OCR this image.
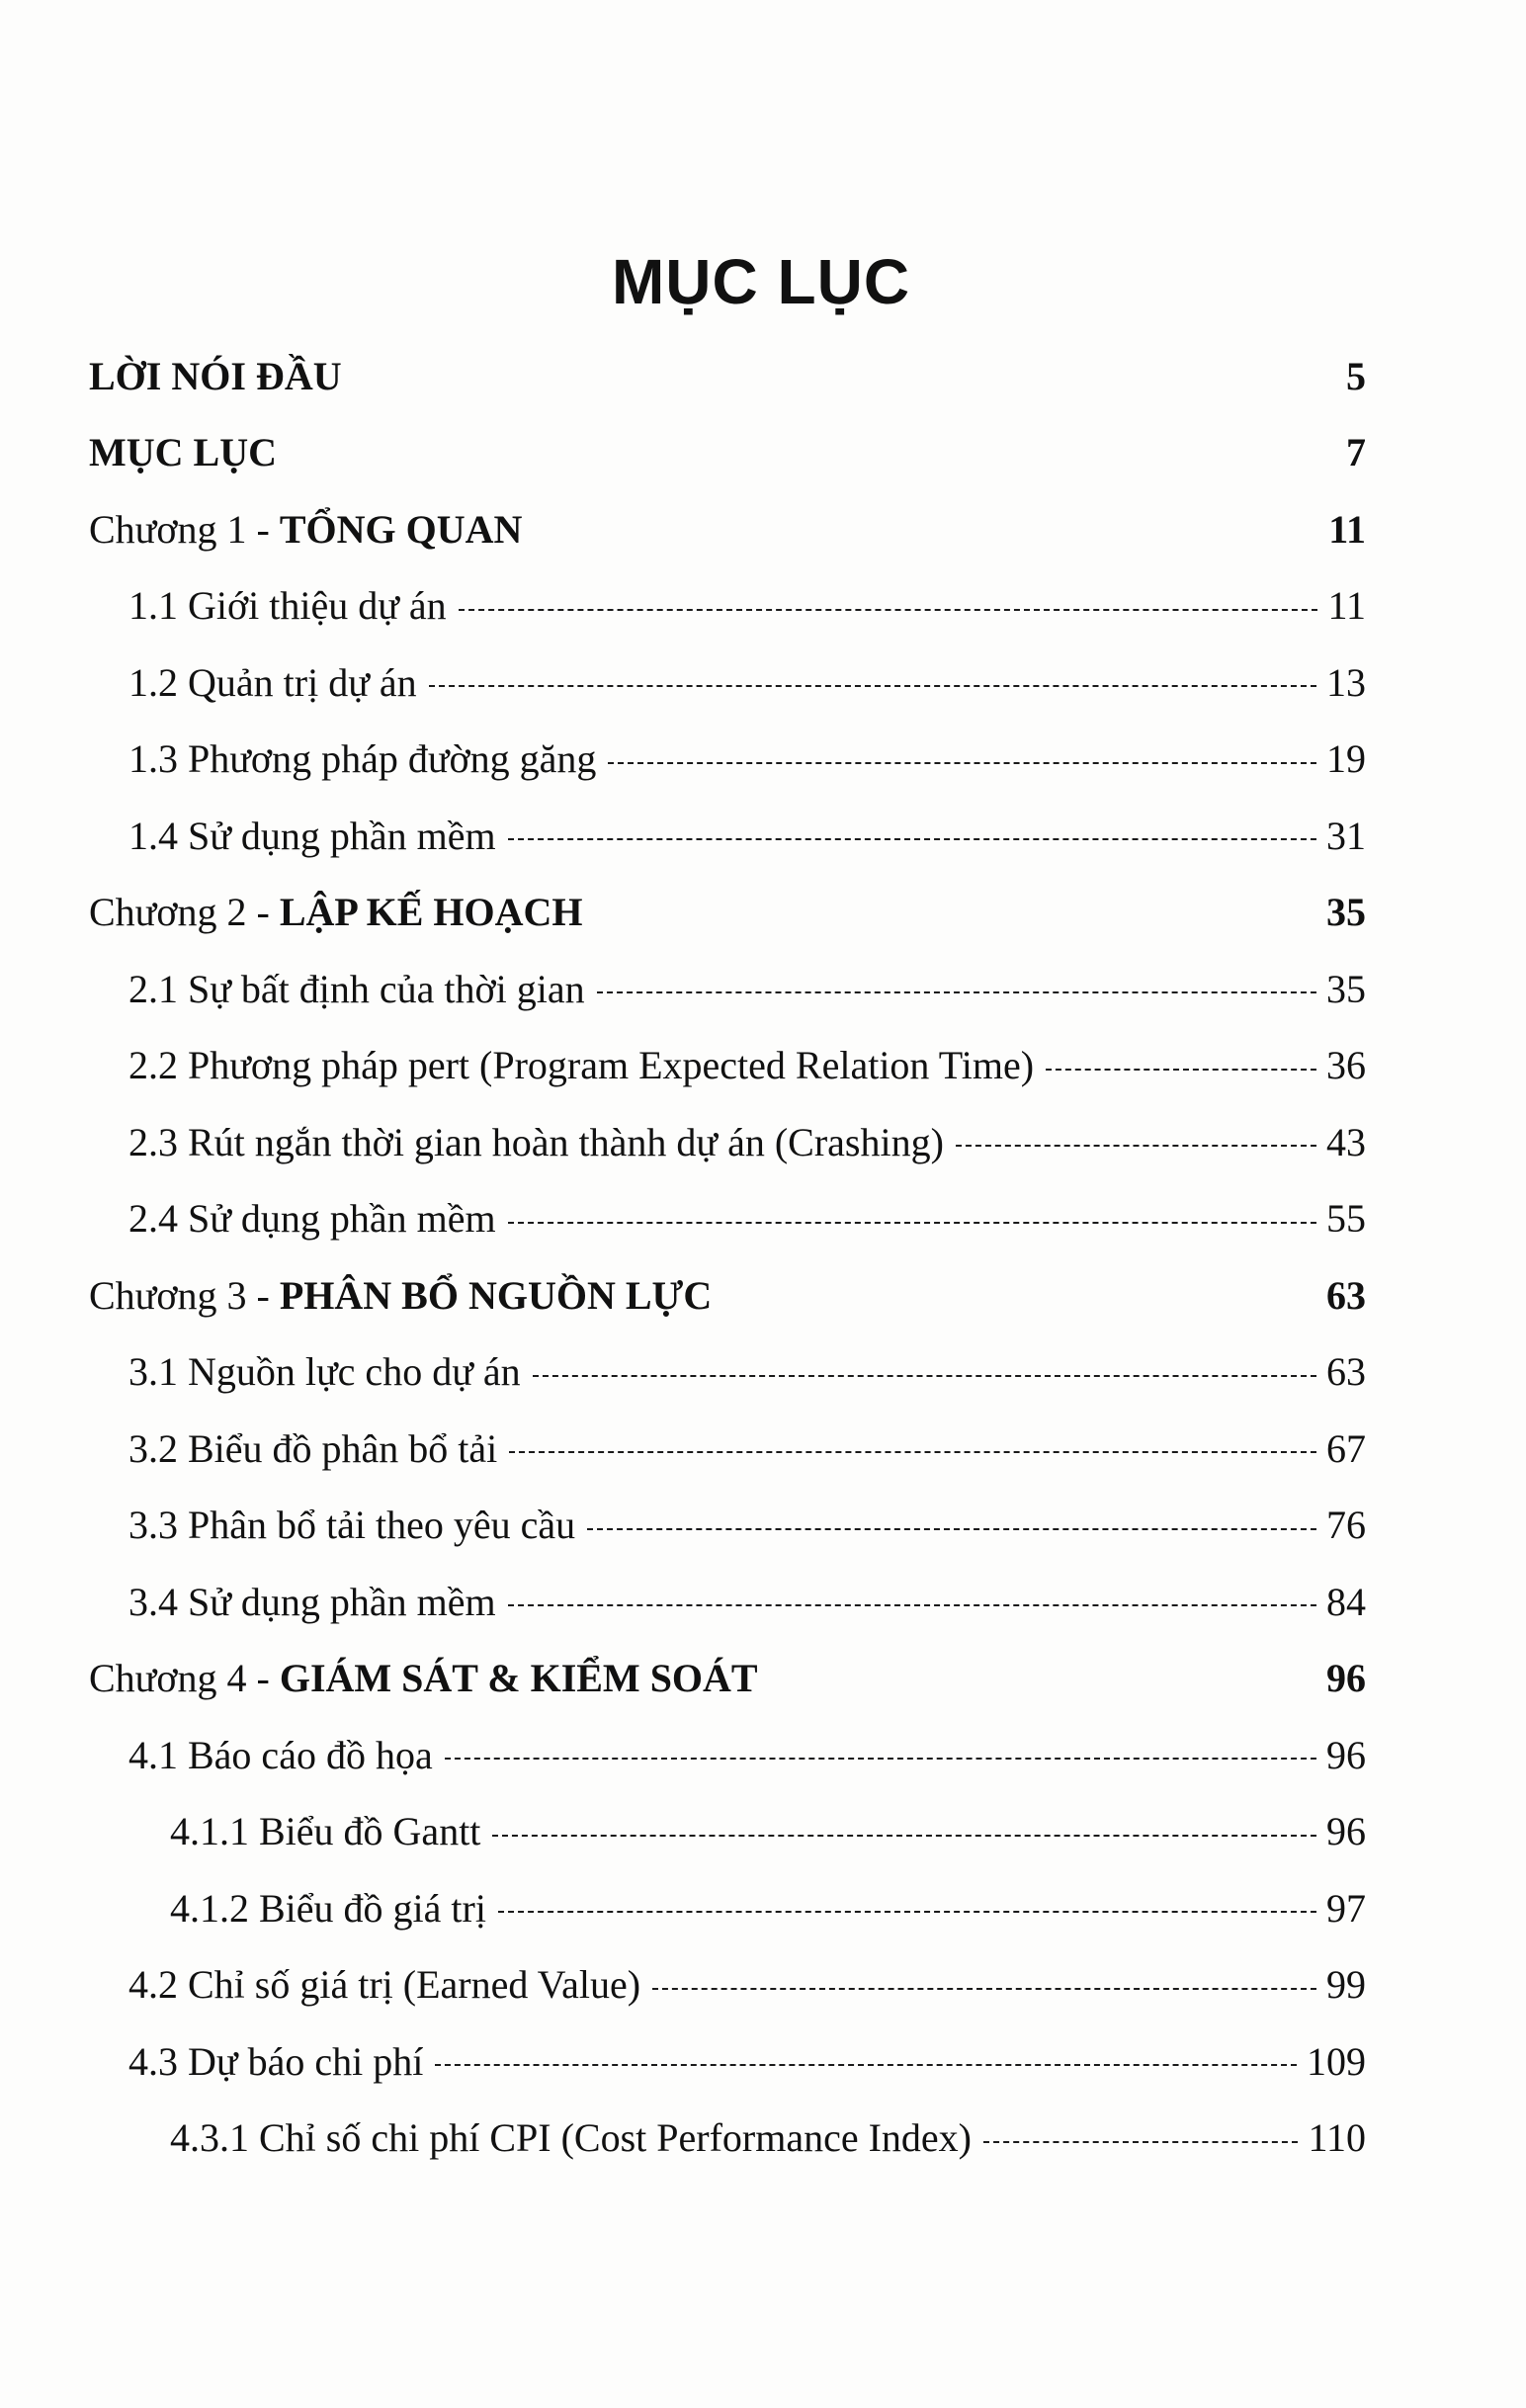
MỤC LỤC
LỜI NÓI ĐẦU	5
MỤC LỤC	7
Chương 1 - TỔNG QUAN	11
1.1 Giới thiệu dự án	11
1.2 Quản trị dự án	13
1.3 Phương pháp đường găng	19
1.4 Sử dụng phần mềm	31
Chương 2 - LẬP KẾ HOẠCH	35
2.1 Sự bất định của thời gian	35
2.2 Phương pháp pert (Program Expected Relation Time)	36
2.3 Rút ngắn thời gian hoàn thành dự án (Crashing)	43
2.4 Sử dụng phần mềm	55
Chương 3 - PHÂN BỔ NGUỒN LỰC	63
3.1 Nguồn lực cho dự án	63
3.2 Biểu đồ phân bổ tải	67
3.3 Phân bổ tải theo yêu cầu	76
3.4 Sử dụng phần mềm	84
Chương 4 - GIÁM SÁT & KIỂM SOÁT	96
4.1 Báo cáo đồ họa	96
4.1.1 Biểu đồ Gantt	96
4.1.2 Biểu đồ giá trị	97
4.2 Chỉ số giá trị (Earned Value)	99
4.3 Dự báo chi phí	109
4.3.1 Chỉ số chi phí CPI (Cost Performance Index)	110
